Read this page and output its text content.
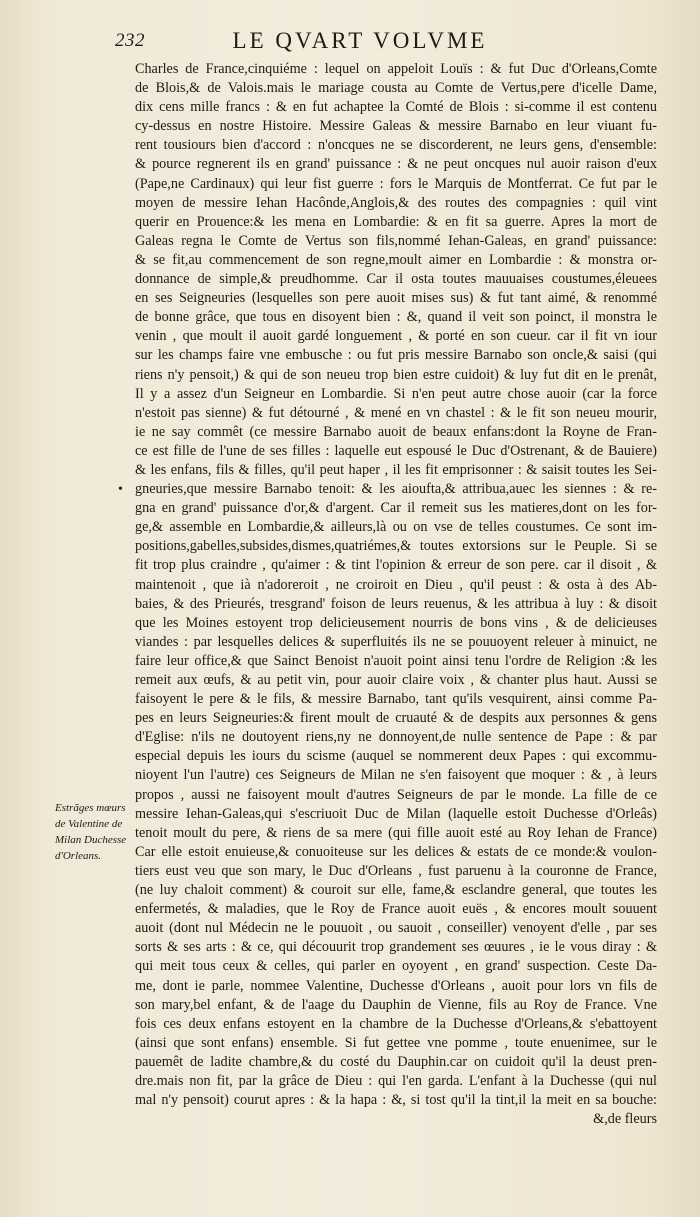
232	LE QVART VOLVME
•
Estrãges mœurs
de Valentine de
Milan Duchesse
d'Orleans.
Charles de France,cinquiéme : lequel on appeloit Louïs : & fut Duc d'Orleans,Comte
de Blois,& de Valois.mais le mariage cousta au Comte de Vertus,pere d'icelle Dame,
dix cens mille francs : & en fut achaptee la Comté de Blois : si-comme il est contenu
cy-dessus en nostre Histoire. Messire Galeas & messire Barnabo en leur viuant fu-
rent tousiours bien d'accord : n'oncques ne se discorderent, ne leurs gens, d'ensemble:
& pource regnerent ils en grand' puissance : & ne peut oncques nul auoir raison d'eux
(Pape,ne Cardinaux) qui leur fist guerre : fors le Marquis de Montferrat. Ce fut par le
moyen de messire Iehan Hacônde,Anglois,& des routes des compagnies : quil vint
querir en Prouence:& les mena en Lombardie: & en fit sa guerre. Apres la mort de
Galeas regna le Comte de Vertus son fils,nommé Iehan-Galeas, en grand' puissance:
& se fit,au commencement de son regne,moult aimer en Lombardie : & monstra or-
donnance de simple,& preudhomme. Car il osta toutes mauuaises coustumes,éleuees
en ses Seigneuries (lesquelles son pere auoit mises sus) & fut tant aimé, & renommé
de bonne grâce, que tous en disoyent bien : &, quand il veit son poinct, il monstra le
venin , que moult il auoit gardé longuement , & porté en son cueur. car il fit vn iour
sur les champs faire vne embusche : ou fut pris messire Barnabo son oncle,& saisi (qui
riens n'y pensoit,) & qui de son neueu trop bien estre cuidoit) & luy fut dit en le prenât,
Il y a assez d'un Seigneur en Lombardie. Si n'en peut autre chose auoir (car la force
n'estoit pas sienne) & fut détourné , & mené en vn chastel : & le fit son neueu mourir,
ie ne say commêt (ce messire Barnabo auoit de beaux enfans:dont la Royne de Fran-
ce est fille de l'une de ses filles : laquelle eut espousé le Duc d'Ostrenant, & de Bauiere)
& les enfans, fils & filles, qu'il peut haper , il les fit emprisonner : & saisit toutes les Sei-
gneuries,que messire Barnabo tenoit: & les aioufta,& attribua,auec les siennes : & re-
gna en grand' puissance d'or,& d'argent. Car il remeit sus les matieres,dont on les for-
ge,& assemble en Lombardie,& ailleurs,là ou on vse de telles coustumes. Ce sont im-
positions,gabelles,subsides,dismes,quatriémes,& toutes extorsions sur le Peuple. Si se
fit trop plus craindre , qu'aimer : & tint l'opinion & erreur de son pere. car il disoit , &
maintenoit , que ià n'adoreroit , ne croiroit en Dieu , qu'il peust : & osta à des Ab-
baies, & des Prieurés, tresgrand' foison de leurs reuenus, & les attribua à luy : & disoit
que les Moines estoyent trop delicieusement nourris de bons vins , & de delicieuses
viandes : par lesquelles delices & superfluités ils ne se pouuoyent releuer à minuict, ne
faire leur office,& que Sainct Benoist n'auoit point ainsi tenu l'ordre de Religion :& les
remeit aux œufs, & au petit vin, pour auoir claire voix , & chanter plus haut. Aussi se
faisoyent le pere & le fils, & messire Barnabo, tant qu'ils vesquirent, ainsi comme Pa-
pes en leurs Seigneuries:& firent moult de cruauté & de despits aux personnes & gens
d'Eglise: n'ils ne doutoyent riens,ny ne donnoyent,de nulle sentence de Pape : & par
especial depuis les iours du scisme (auquel se nommerent deux Papes : qui excommu-
nioyent l'un l'autre) ces Seigneurs de Milan ne s'en faisoyent que moquer : & , à leurs
propos , aussi ne faisoyent moult d'autres Seigneurs de par le monde. La fille de ce
messire Iehan-Galeas,qui s'escriuoit Duc de Milan (laquelle estoit Duchesse d'Orleâs)
tenoit moult du pere, & riens de sa mere (qui fille auoit esté au Roy Iehan de France)
Car elle estoit enuieuse,& conuoiteuse sur les delices & estats de ce monde:& voulon-
tiers eust veu que son mary, le Duc d'Orleans , fust paruenu à la couronne de France,
(ne luy chaloit comment) & couroit sur elle, fame,& esclandre general, que toutes les
enfermetés, & maladies, que le Roy de France auoit euës , & encores moult souuent
auoit (dont nul Médecin ne le pouuoit , ou sauoit , conseiller) venoyent d'elle , par ses
sorts & ses arts : & ce, qui découurit trop grandement ses œuures , ie le vous diray : &
qui meit tous ceux & celles, qui parler en oyoyent , en grand' suspection. Ceste Da-
me, dont ie parle, nommee Valentine, Duchesse d'Orleans , auoit pour lors vn fils de
son mary,bel enfant, & de l'aage du Dauphin de Vienne, fils au Roy de France. Vne
fois ces deux enfans estoyent en la chambre de la Duchesse d'Orleans,& s'ebattoyent
(ainsi que sont enfans) ensemble. Si fut gettee vne pomme , toute enuenimee, sur le
pauemêt de ladite chambre,& du costé du Dauphin.car on cuidoit qu'il la deust pren-
dre.mais non fit, par la grâce de Dieu : qui l'en garda. L'enfant à la Duchesse (qui nul
mal n'y pensoit) courut apres : & la hapa : &, si tost qu'il la tint,il la meit en sa bouche:
&,de fleurs
